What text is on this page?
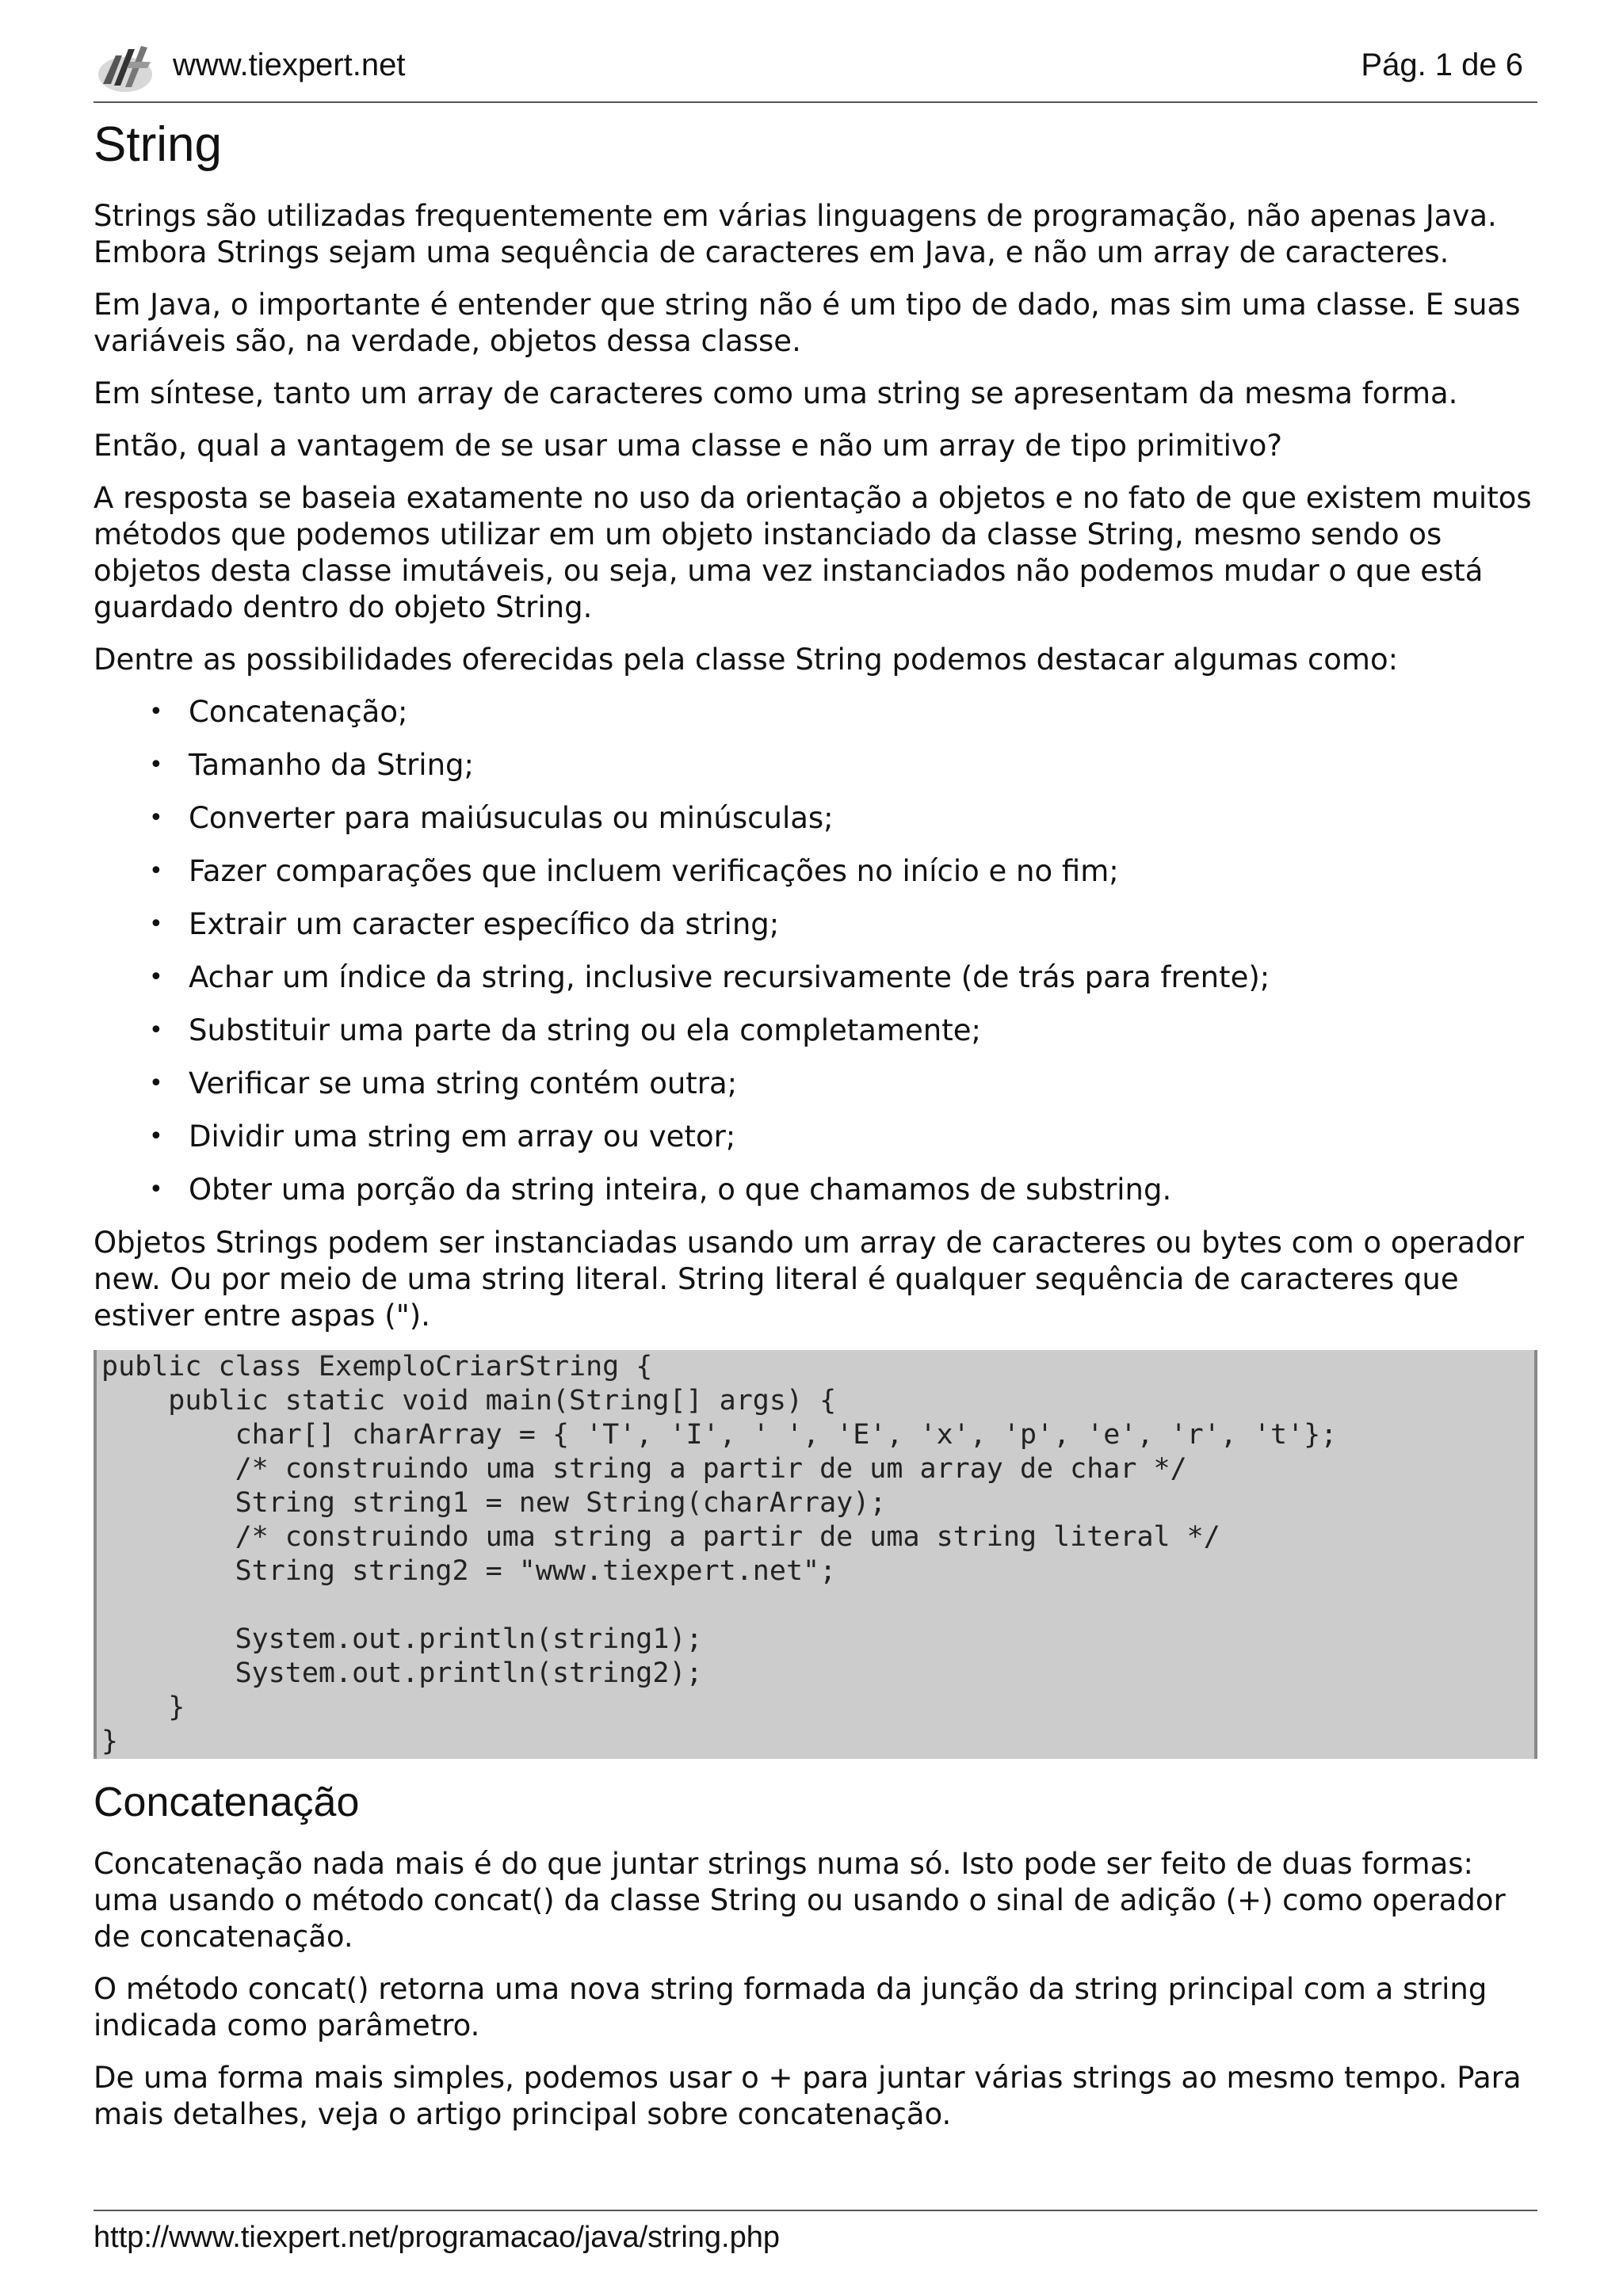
www.tiexpert.net	Pág. 1 de 6
String

Strings são utilizadas frequentemente em várias linguagens de programação, não apenas Java. Embora Strings sejam uma sequência de caracteres em Java, e não um array de caracteres.

Em Java, o importante é entender que string não é um tipo de dado, mas sim uma classe. E suas variáveis são, na verdade, objetos dessa classe.

Em síntese, tanto um array de caracteres como uma string se apresentam da mesma forma.

Então, qual a vantagem de se usar uma classe e não um array de tipo primitivo?

A resposta se baseia exatamente no uso da orientação a objetos e no fato de que existem muitos métodos que podemos utilizar em um objeto instanciado da classe String, mesmo sendo os objetos desta classe imutáveis, ou seja, uma vez instanciados não podemos mudar o que está guardado dentro do objeto String.

Dentre as possibilidades oferecidas pela classe String podemos destacar algumas como:

• Concatenação;
• Tamanho da String;
• Converter para maiúsuculas ou minúsculas;
• Fazer comparações que incluem verificações no início e no fim;
• Extrair um caracter específico da string;
• Achar um índice da string, inclusive recursivamente (de trás para frente);
• Substituir uma parte da string ou ela completamente;
• Verificar se uma string contém outra;
• Dividir uma string em array ou vetor;
• Obter uma porção da string inteira, o que chamamos de substring.

Objetos Strings podem ser instanciadas usando um array de caracteres ou bytes com o operador new. Ou por meio de uma string literal. String literal é qualquer sequência de caracteres que estiver entre aspas (").

public class ExemploCriarString {
public static void main(String[] args) {
char[] charArray = { 'T', 'I', ' ', 'E', 'x', 'p', 'e', 'r', 't'};
/* construindo uma string a partir de um array de char */
String string1 = new String(charArray);
/* construindo uma string a partir de uma string literal */
String string2 = "www.tiexpert.net";
System.out.println(string1);
System.out.println(string2);
}
}
Concatenação

Concatenação nada mais é do que juntar strings numa só. Isto pode ser feito de duas formas: uma usando o método concat() da classe String ou usando o sinal de adição (+) como operador de concatenação.

O método concat() retorna uma nova string formada da junção da string principal com a string indicada como parâmetro.

De uma forma mais simples, podemos usar o + para juntar várias strings ao mesmo tempo. Para mais detalhes, veja o artigo principal sobre concatenação.

http://www.tiexpert.net/programacao/java/string.php
